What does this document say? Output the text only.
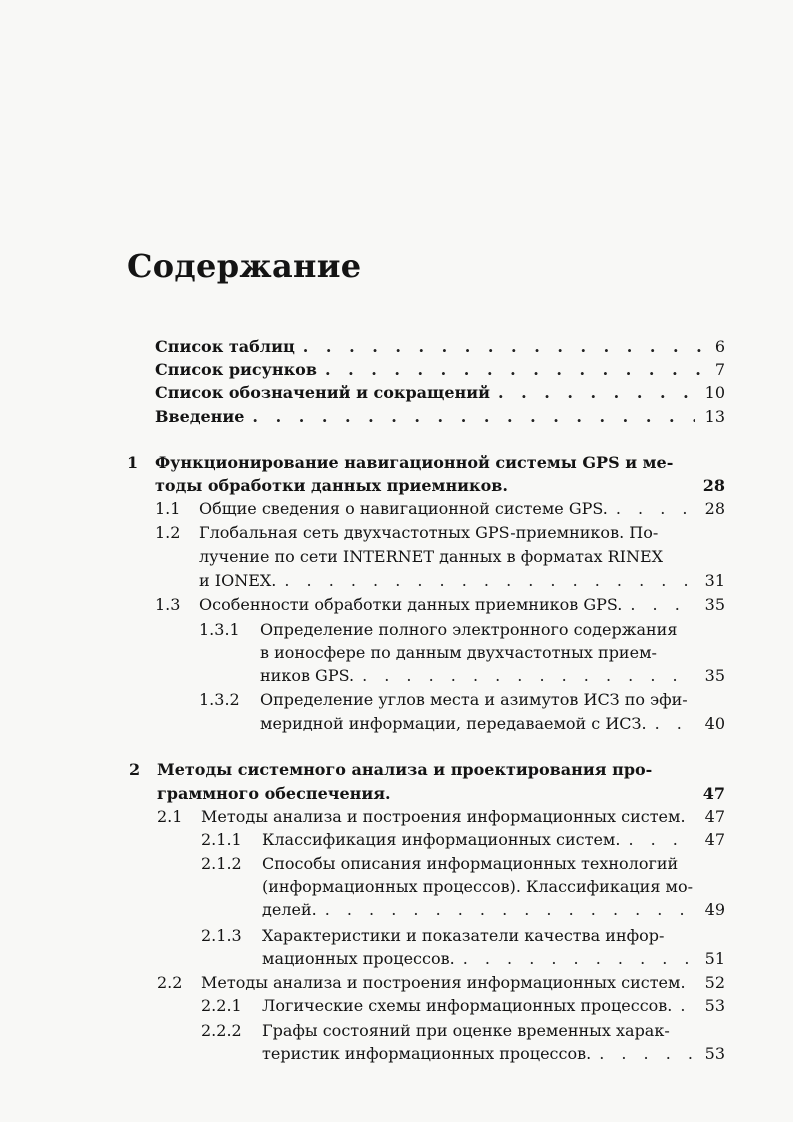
Содержание
Список таблиц . . .	6
Список рисунков . . .	7
Список обозначений и сокращений . . .	10
Введение . . .	13
1 Функционирование навигационной системы GPS и ме-
тоды обработки данных приемников.	28
1.1 Общие сведения о навигационной системе GPS. . . .	28
1.2 Глобальная сеть двухчастотных GPS-приемников. По-
лучение по сети INTERNET данных в форматах RINEX
и IONEX. . . .	31
1.3 Особенности обработки данных приемников GPS. . . .	35
1.3.1 Определение полного электронного содержания
в ионосфере по данным двухчастотных прием-
ников GPS. . . .	35
1.3.2 Определение углов места и азимутов ИСЗ по эфи-
меридной информации, передаваемой с ИСЗ. . . .	40
2 Методы системного анализа и проектирования про-
граммного обеспечения.	47
2.1 Методы анализа и построения информационных систем.	47
2.1.1 Классификация информационных систем. . . .	47
2.1.2 Способы описания информационных технологий
(информационных процессов). Классификация мо-
делей. . . .	49
2.1.3 Характеристики и показатели качества инфор-
мационных процессов. . . .	51
2.2 Методы анализа и построения информационных систем.	52
2.2.1 Логические схемы информационных процессов. . . . 53
2.2.2 Графы состояний при оценке временных харак-
теристик информационных процессов. . . .	53
